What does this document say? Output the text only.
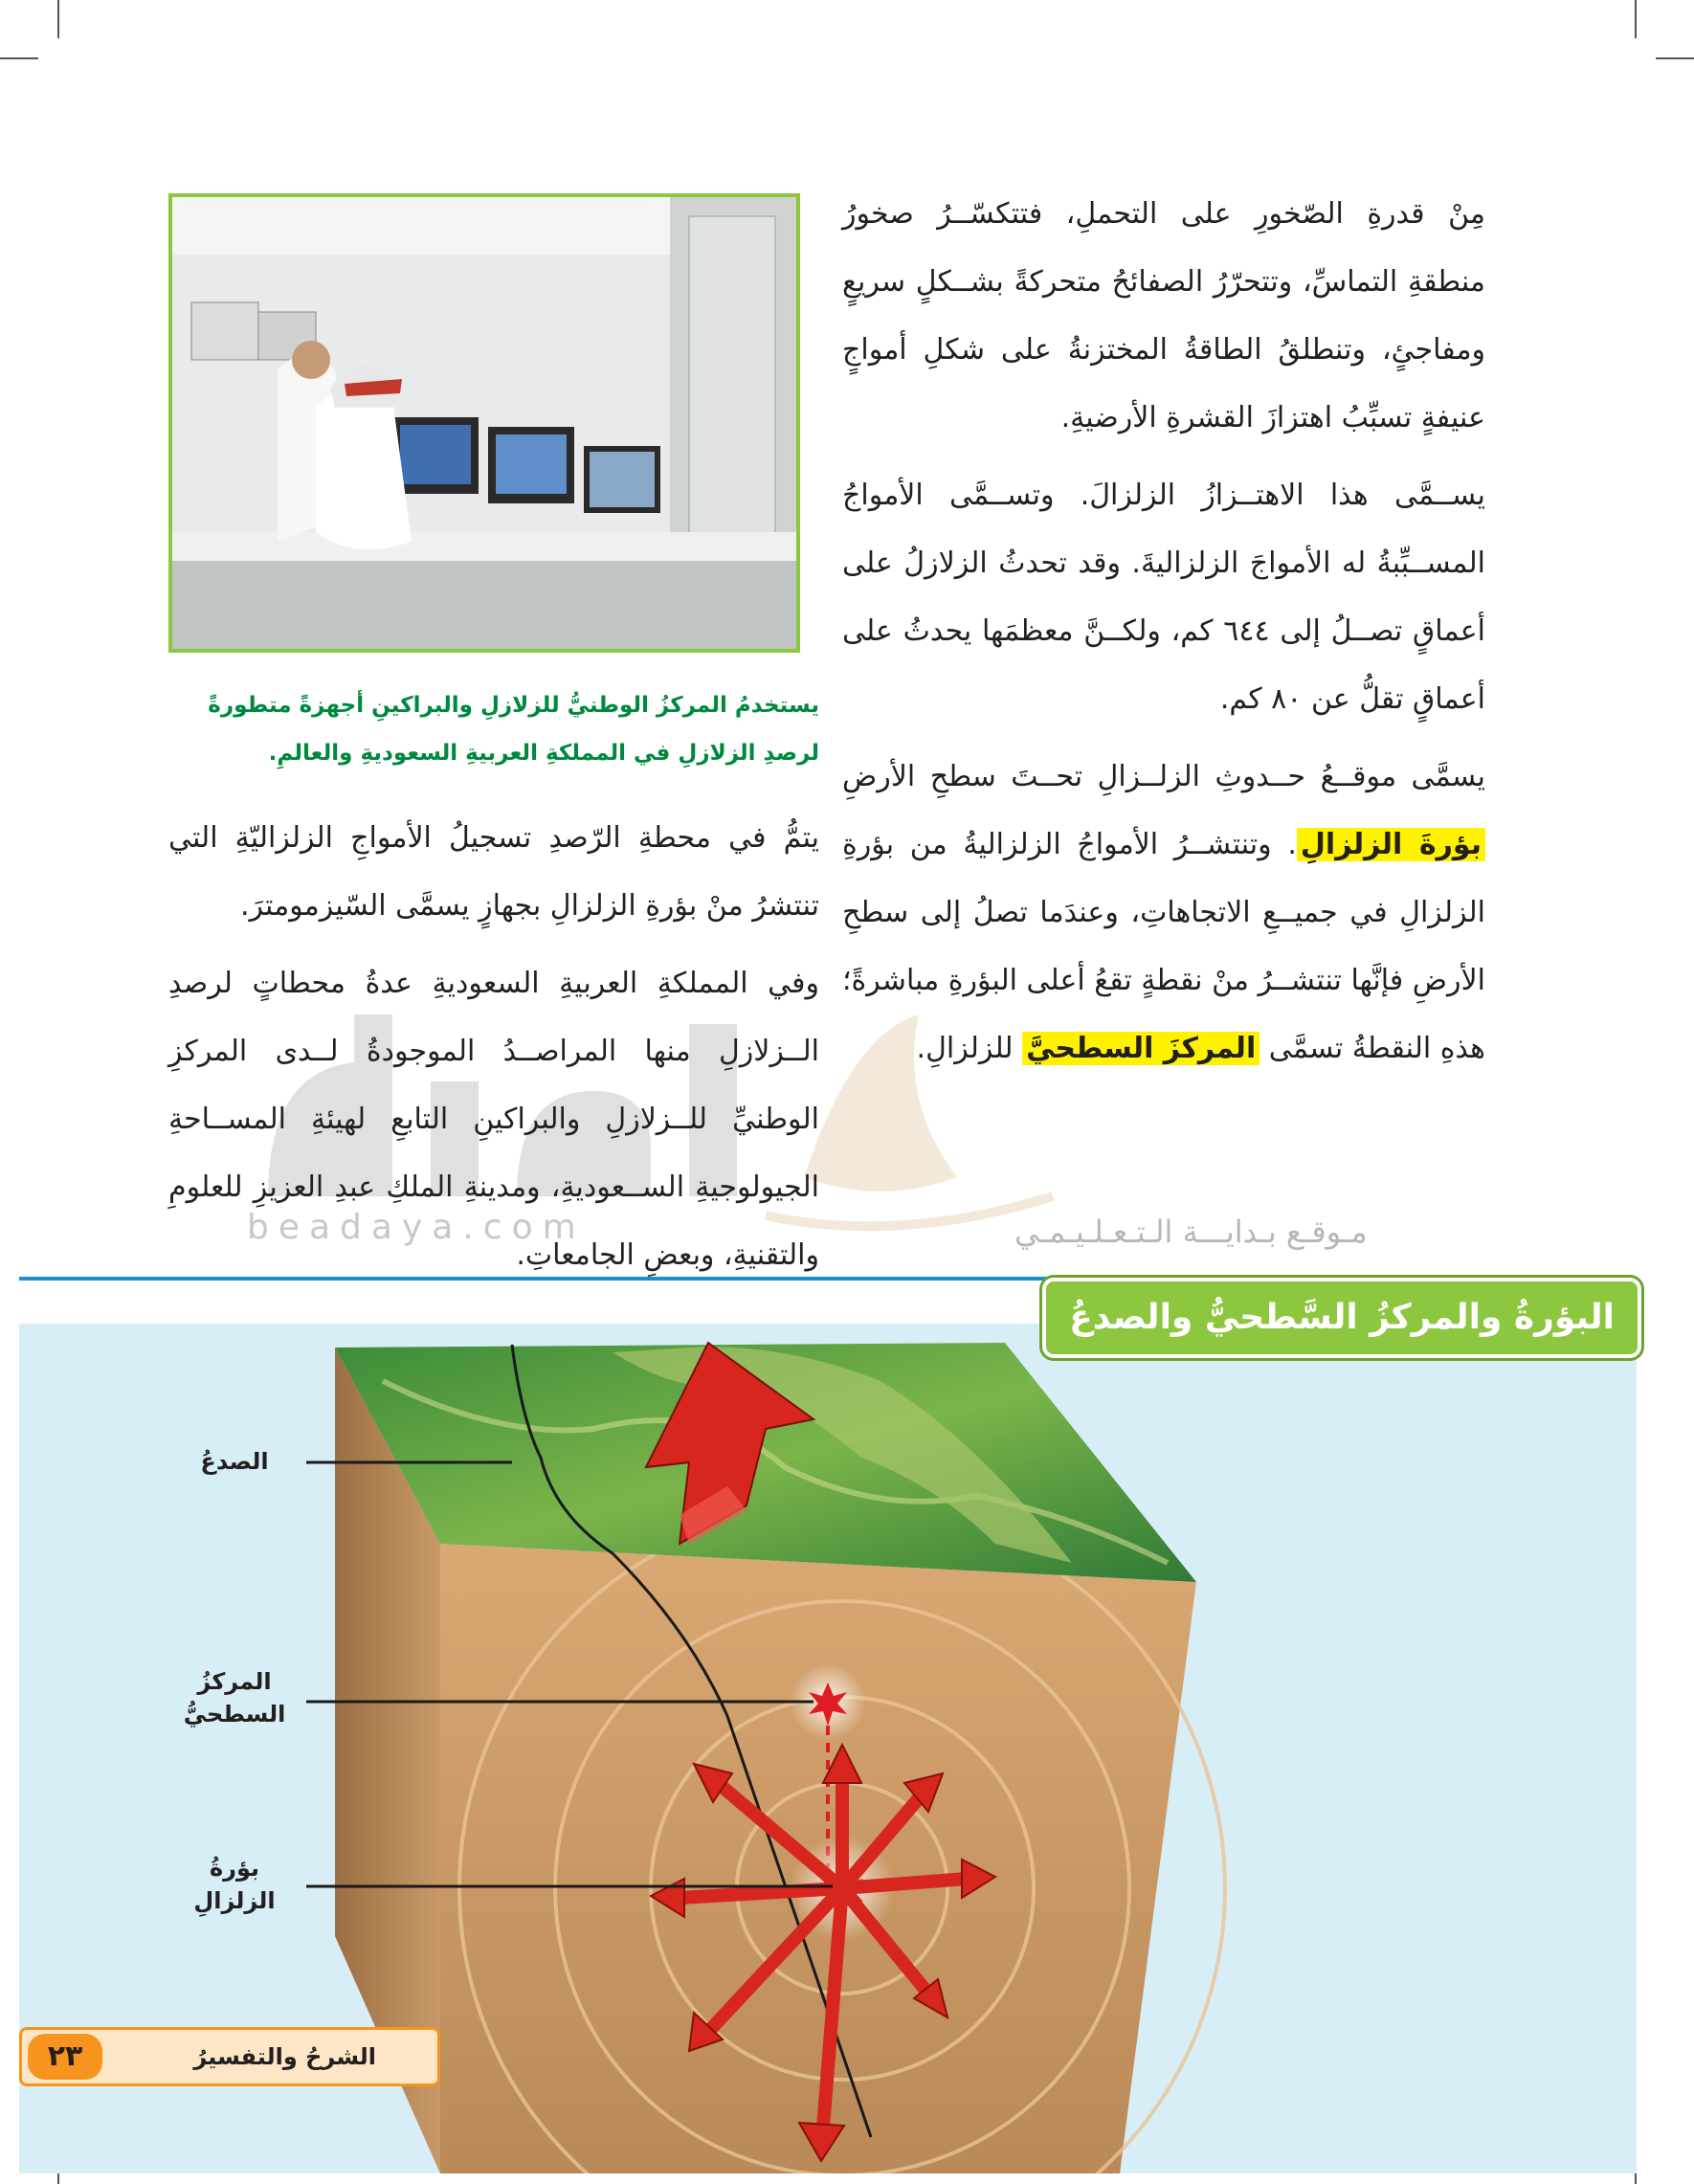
مـوقـع بـدايـــة الـتـعـلـيـمـي
beadaya.com

مِنْ قدرةِ الصّخورِ على التحملِ، فتتكسّــرُ صخورُ منطقةِ التماسِّ، وتتحرّرُ الصفائحُ متحركةً بشــكلٍ سريعٍ ومفاجئٍ، وتنطلقُ الطاقةُ المختزنةُ على شكلِ أمواجٍ عنيفةٍ تسبِّبُ اهتزازَ القشرةِ الأرضيةِ.

يســمَّى هذا الاهتــزازُ الزلزالَ. وتســمَّى الأمواجُ المســبِّبةُ له الأمواجَ الزلزاليةَ. وقد تحدثُ الزلازلُ على أعماقٍ تصــلُ إلى ٦٤٤ كم، ولكــنَّ معظمَها يحدثُ على أعماقٍ تقلُّ عن ٨٠ كم.

يسمَّى موقــعُ حــدوثِ الزلــزالِ تحــتَ سطحِ الأرضِ بؤرةَ الزلزالِ. وتنتشــرُ الأمواجُ الزلزاليةُ من بؤرةِ الزلزالِ في جميــعِ الاتجاهاتِ، وعندَما تصلُ إلى سطحِ الأرضِ فإنَّها تنتشــرُ منْ نقطةٍ تقعُ أعلى البؤرةِ مباشرةً؛ هذهِ النقطةُ تسمَّى المركزَ السطحيَّ للزلزالِ.

يستخدمُ المركزُ الوطنيُّ للزلازلِ والبراكينِ أجهزةً متطورةً لرصدِ الزلازلِ في المملكةِ العربيةِ السعوديةِ والعالمِ.

يتمُّ في محطةِ الرّصدِ تسجيلُ الأمواجِ الزلزاليّةِ التي تنتشرُ منْ بؤرةِ الزلزالِ بجهازٍ يسمَّى السّيزمومترَ.

وفي المملكةِ العربيةِ السعوديةِ عدةُ محطاتٍ لرصدِ الــزلازلِ منها المراصــدُ الموجودةُ لــدى المركزِ الوطنيِّ للــزلازلِ والبراكينِ التابعِ لهيئةِ المســاحةِ الجيولوجيةِ الســعوديةِ، ومدينةِ الملكِ عبدِ العزيزِ للعلومِ والتقنيةِ، وبعضِ الجامعاتِ.

البؤرةُ والمركزُ السَّطحيُّ والصدعُ
الصدعُ
المركزُ
السطحيُّ
بؤرةُ
الزلزالِ
٢٣	الشرحُ والتفسيرُ
